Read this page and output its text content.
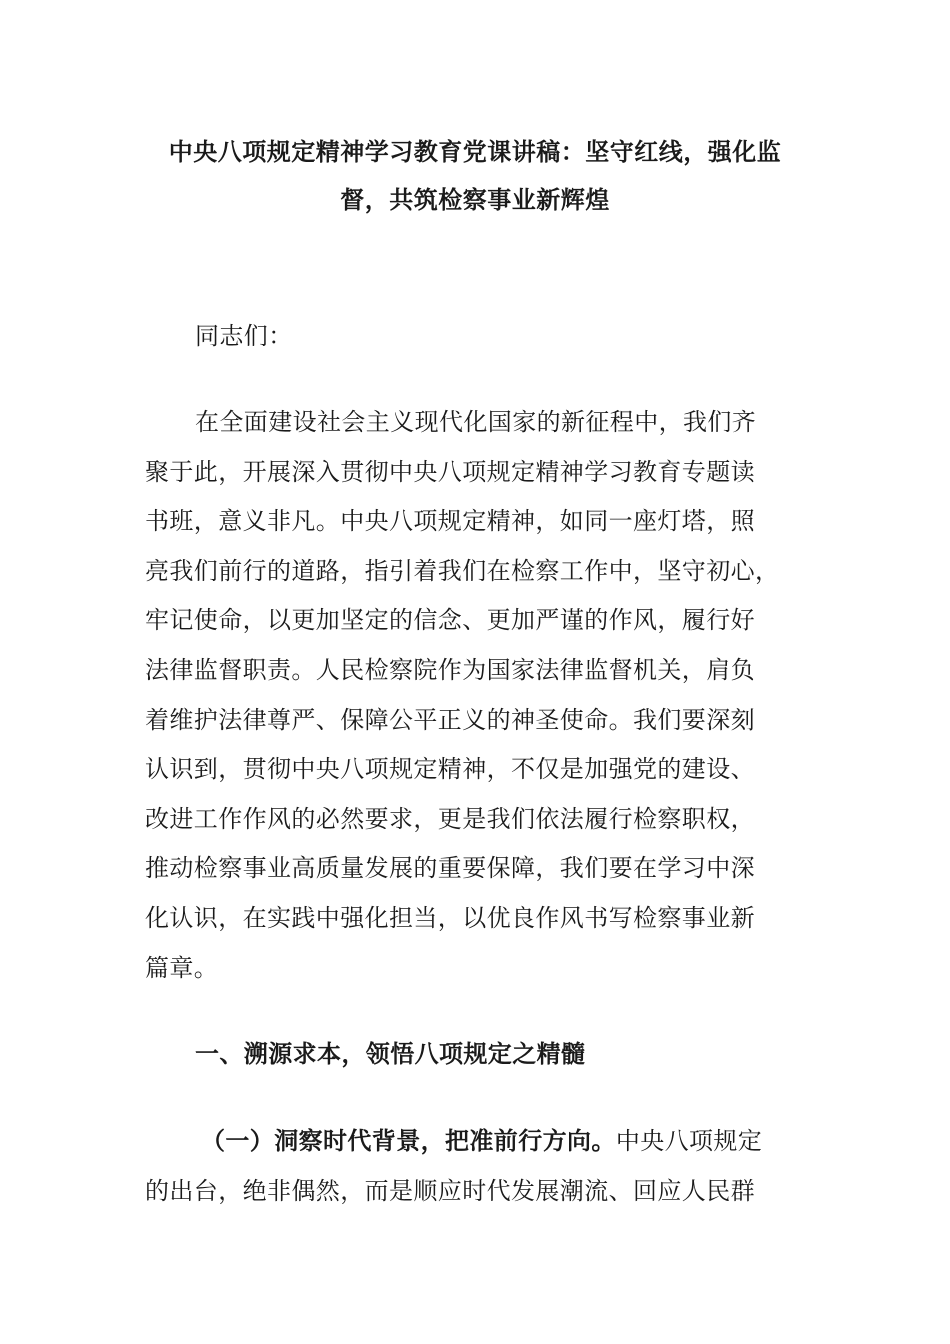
中央八项规定精神学习教育党课讲稿：坚守红线，强化监
督，共筑检察事业新辉煌
同志们：
在全面建设社会主义现代化国家的新征程中，我们齐
聚于此，开展深入贯彻中央八项规定精神学习教育专题读
书班，意义非凡。中央八项规定精神，如同一座灯塔，照
亮我们前行的道路，指引着我们在检察工作中，坚守初心，
牢记使命，以更加坚定的信念、更加严谨的作风，履行好
法律监督职责。人民检察院作为国家法律监督机关，肩负
着维护法律尊严、保障公平正义的神圣使命。我们要深刻
认识到，贯彻中央八项规定精神，不仅是加强党的建设、
改进工作作风的必然要求，更是我们依法履行检察职权，
推动检察事业高质量发展的重要保障，我们要在学习中深
化认识，在实践中强化担当，以优良作风书写检察事业新
篇章。
一、溯源求本，领悟八项规定之精髓
（一）洞察时代背景，把准前行方向。中央八项规定
的出台，绝非偶然，而是顺应时代发展潮流、回应人民群
